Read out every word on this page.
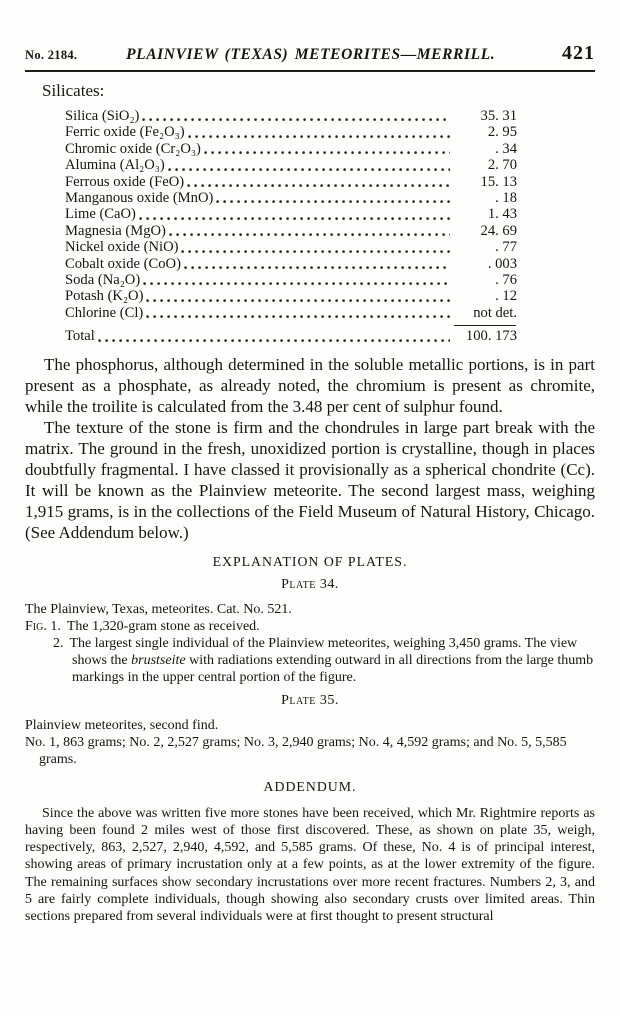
No. 2184.	PLAINVIEW (TEXAS) METEORITES—MERRILL.	421
Silicates:
Silica (SiO₂)	35. 31
Ferric oxide (Fe₂O₃)	2. 95
Chromic oxide (Cr₂O₃)	. 34
Alumina (Al₂O₃)	2. 70
Ferrous oxide (FeO)	15. 13
Manganous oxide (MnO)	. 18
Lime (CaO)	1. 43
Magnesia (MgO)	24. 69
Nickel oxide (NiO)	. 77
Cobalt oxide (CoO)	. 003
Soda (Na₂O)	. 76
Potash (K₂O)	. 12
Chlorine (Cl)	not det.
Total	100. 173

The phosphorus, although determined in the soluble metallic portions, is in part present as a phosphate, as already noted, the chromium is present as chromite, while the troilite is calculated from the 3.48 per cent of sulphur found.

The texture of the stone is firm and the chondrules in large part break with the matrix. The ground in the fresh, unoxidized portion is crystalline, though in places doubtfully fragmental. I have classed it provisionally as a spherical chondrite (Cc). It will be known as the Plainview meteorite. The second largest mass, weighing 1,915 grams, is in the collections of the Field Museum of Natural History, Chicago. (See Addendum below.)

EXPLANATION OF PLATES.
Plate 34.

The Plainview, Texas, meteorites. Cat. No. 521.

Fig. 1. The 1,320-gram stone as received.

2. The largest single individual of the Plainview meteorites, weighing 3,450 grams. The view shows the brustseite with radiations extending outward in all directions from the large thumb markings in the upper central portion of the figure.

Plate 35.

Plainview meteorites, second find.

No. 1, 863 grams; No. 2, 2,527 grams; No. 3, 2,940 grams; No. 4, 4,592 grams; and No. 5, 5,585 grams.

ADDENDUM.

Since the above was written five more stones have been received, which Mr. Rightmire reports as having been found 2 miles west of those first discovered. These, as shown on plate 35, weigh, respectively, 863, 2,527, 2,940, 4,592, and 5,585 grams. Of these, No. 4 is of principal interest, showing areas of primary incrustation only at a few points, as at the lower extremity of the figure. The remaining surfaces show secondary incrustations over more recent fractures. Numbers 2, 3, and 5 are fairly complete individuals, though showing also secondary crusts over limited areas. Thin sections prepared from several individuals were at first thought to present structural
